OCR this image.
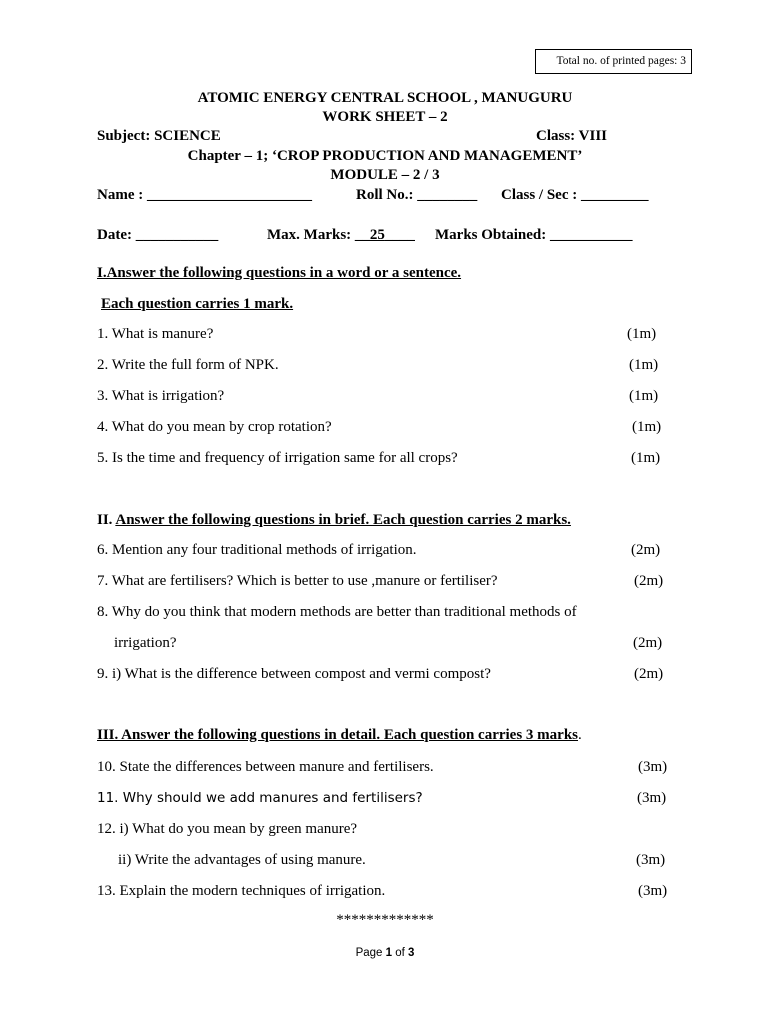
Total no. of printed pages: 3
ATOMIC ENERGY CENTRAL SCHOOL , MANUGURU
WORK SHEET – 2
Subject: SCIENCE	Class: VIII
Chapter – 1; ‘CROP PRODUCTION AND MANAGEMENT’
MODULE – 2 / 3
Name : ______________________	Roll No.: ________ Class / Sec : _________
Date: ___________	Max. Marks: __25____ Marks Obtained: ___________
I.Answer the following questions in a word or a sentence.
Each question carries 1 mark.
1. What is manure?	(1m)
2. Write the full form of NPK.	(1m)
3. What is irrigation?	(1m)
4. What do you mean by crop rotation?	(1m)
5. Is the time and frequency of irrigation same for all crops?	(1m)
II. Answer the following questions in brief. Each question carries 2 marks.
6. Mention any four traditional methods of irrigation.	(2m)
7. What are fertilisers? Which is better to use ,manure or fertiliser?	(2m)
8. Why do you think that modern methods are better than traditional methods of
irrigation?	(2m)
9. i) What is the difference between compost and vermi compost?	(2m)
III. Answer the following questions in detail. Each question carries 3 marks.
10. State the differences between manure and fertilisers.	(3m)
11. Why should we add manures and fertilisers?	(3m)
12. i) What do you mean by green manure?
ii) Write the advantages of using manure.	(3m)
13. Explain the modern techniques of irrigation.	(3m)
*************
Page 1 of 3
